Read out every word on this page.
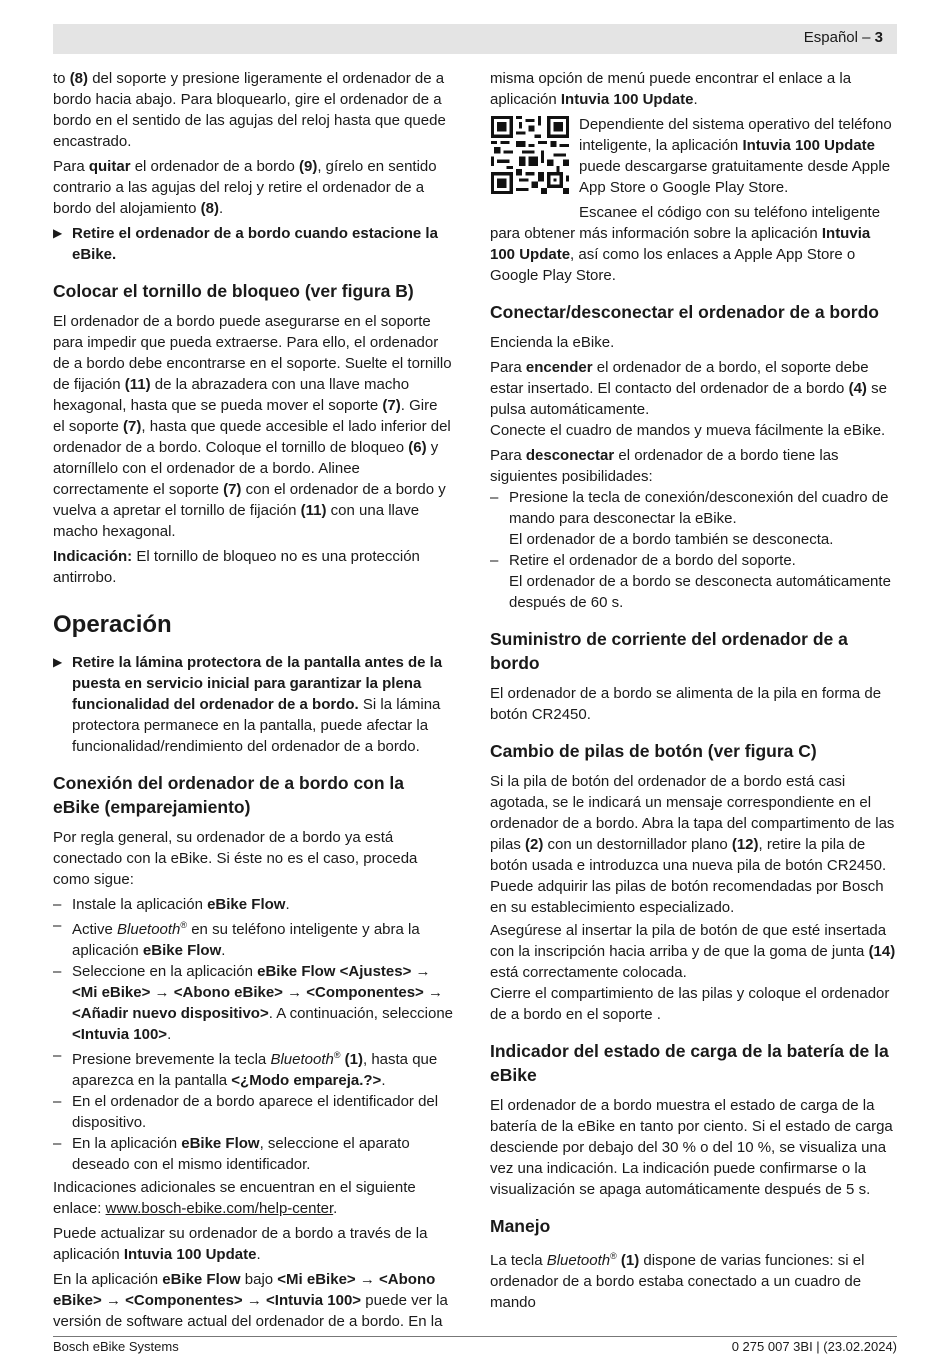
Español – 3

to (8) del soporte y presione ligeramente el ordenador de a bordo hacia abajo. Para bloquearlo, gire el ordenador de a bordo en el sentido de las agujas del reloj hasta que quede encastrado.

Para quitar el ordenador de a bordo (9), gírelo en sentido contrario a las agujas del reloj y retire el ordenador de a bordo del alojamiento (8).

▶ Retire el ordenador de a bordo cuando estacione la eBike.
Colocar el tornillo de bloqueo (ver figura B)

El ordenador de a bordo puede asegurarse en el soporte para impedir que pueda extraerse. Para ello, el ordenador de a bordo debe encontrarse en el soporte. Suelte el tornillo de fijación (11) de la abrazadera con una llave macho hexagonal, hasta que se pueda mover el soporte (7). Gire el soporte (7), hasta que quede accesible el lado inferior del ordenador de a bordo. Coloque el tornillo de bloqueo (6) y atorníllelo con el ordenador de a bordo. Alinee correctamente el soporte (7) con el ordenador de a bordo y vuelva a apretar el tornillo de fijación (11) con una llave macho hexagonal.

Indicación: El tornillo de bloqueo no es una protección antirrobo.

Operación
▶ Retire la lámina protectora de la pantalla antes de la puesta en servicio inicial para garantizar la plena funcionalidad del ordenador de a bordo. Si la lámina protectora permanece en la pantalla, puede afectar la funcionalidad/rendimiento del ordenador de a bordo.
Conexión del ordenador de a bordo con la eBike (emparejamiento)

Por regla general, su ordenador de a bordo ya está conectado con la eBike. Si éste no es el caso, proceda como sigue:

– Instale la aplicación eBike Flow.
– Active Bluetooth® en su teléfono inteligente y abra la aplicación eBike Flow.
– Seleccione en la aplicación eBike Flow <Ajustes> → <Mi eBike> → <Abono eBike> → <Componentes> → <Añadir nuevo dispositivo>. A continuación, seleccione <Intuvia 100>.
– Presione brevemente la tecla Bluetooth® (1), hasta que aparezca en la pantalla <¿Modo empareja.?>.
– En el ordenador de a bordo aparece el identificador del dispositivo.
– En la aplicación eBike Flow, seleccione el aparato deseado con el mismo identificador.

Indicaciones adicionales se encuentran en el siguiente enlace: www.bosch-ebike.com/help-center.

Puede actualizar su ordenador de a bordo a través de la aplicación Intuvia 100 Update.

En la aplicación eBike Flow bajo <Mi eBike> → <Abono eBike> → <Componentes> → <Intuvia 100> puede ver la versión de software actual del ordenador de a bordo. En la

misma opción de menú puede encontrar el enlace a la aplicación Intuvia 100 Update.

Dependiente del sistema operativo del teléfono inteligente, la aplicación Intuvia 100 Update puede descargarse gratuitamente desde Apple App Store o Google Play Store.

Escanee el código con su teléfono inteligente para obtener más información sobre la aplicación Intuvia 100 Update, así como los enlaces a Apple App Store o Google Play Store.

Conectar/desconectar el ordenador de a bordo

Encienda la eBike.

Para encender el ordenador de a bordo, el soporte debe estar insertado. El contacto del ordenador de a bordo (4) se pulsa automáticamente.

Conecte el cuadro de mandos y mueva fácilmente la eBike.

Para desconectar el ordenador de a bordo tiene las siguientes posibilidades:

– Presione la tecla de conexión/desconexión del cuadro de mando para desconectar la eBike.
El ordenador de a bordo también se desconecta.
– Retire el ordenador de a bordo del soporte.
El ordenador de a bordo se desconecta automáticamente después de 60 s.
Suministro de corriente del ordenador de a bordo

El ordenador de a bordo se alimenta de la pila en forma de botón CR2450.

Cambio de pilas de botón (ver figura C)

Si la pila de botón del ordenador de a bordo está casi agotada, se le indicará un mensaje correspondiente en el ordenador de a bordo. Abra la tapa del compartimento de las pilas (2) con un destornillador plano (12), retire la pila de botón usada e introduzca una nueva pila de botón CR2450. Puede adquirir las pilas de botón recomendadas por Bosch en su establecimiento especializado.

Asegúrese al insertar la pila de botón de que esté insertada con la inscripción hacia arriba y de que la goma de junta (14) está correctamente colocada.

Cierre el compartimiento de las pilas y coloque el ordenador de a bordo en el soporte .

Indicador del estado de carga de la batería de la eBike

El ordenador de a bordo muestra el estado de carga de la batería de la eBike en tanto por ciento. Si el estado de carga desciende por debajo del 30 % o del 10 %, se visualiza una vez una indicación. La indicación puede confirmarse o la visualización se apaga automáticamente después de 5 s.

Manejo

La tecla Bluetooth® (1) dispone de varias funciones: si el ordenador de a bordo estaba conectado a un cuadro de mando

Bosch eBike Systems	0 275 007 3BI | (23.02.2024)
